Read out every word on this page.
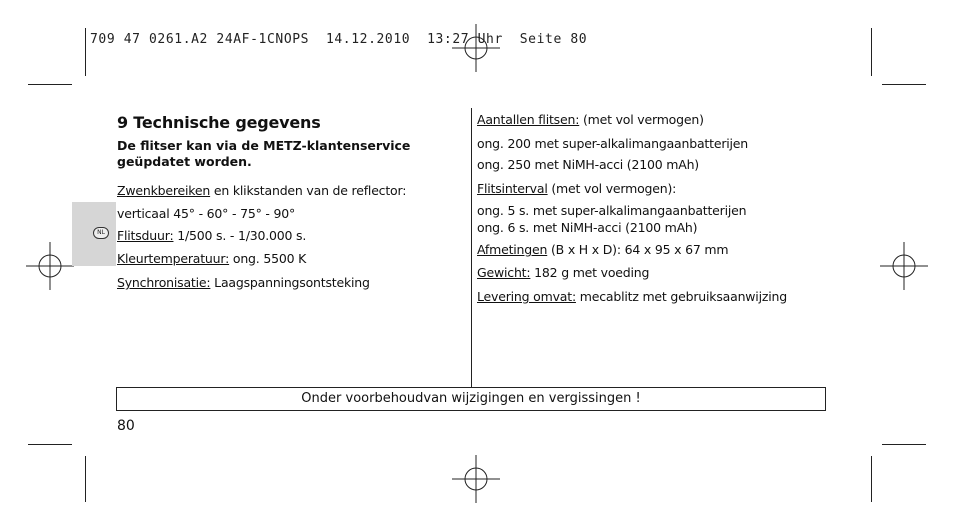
709 47 0261.A2 24AF-1CNOPS  14.12.2010  13:27 Uhr  Seite 80
NL
9 Technische gegevens
De flitser kan via de METZ-klantenservice geüpdatet worden.
Zwenkbereiken en klikstanden van de reflector:
verticaal 45° - 60° - 75° - 90°
Flitsduur: 1/500 s. - 1/30.000 s.
Kleurtemperatuur: ong. 5500 K
Synchronisatie: Laagspanningsontsteking
Aantallen flitsen: (met vol vermogen)
ong. 200 met super-alkalimangaanbatterijen
ong. 250 met NiMH-acci (2100 mAh)
Flitsinterval (met vol vermogen):
ong. 5 s. met super-alkalimangaanbatterijen
ong. 6 s. met NiMH-acci (2100 mAh)
Afmetingen (B x H x D): 64 x 95 x 67 mm
Gewicht: 182 g met voeding
Levering omvat: mecablitz met gebruiksaanwijzing
Onder voorbehoudvan wijzigingen en vergissingen !
80
